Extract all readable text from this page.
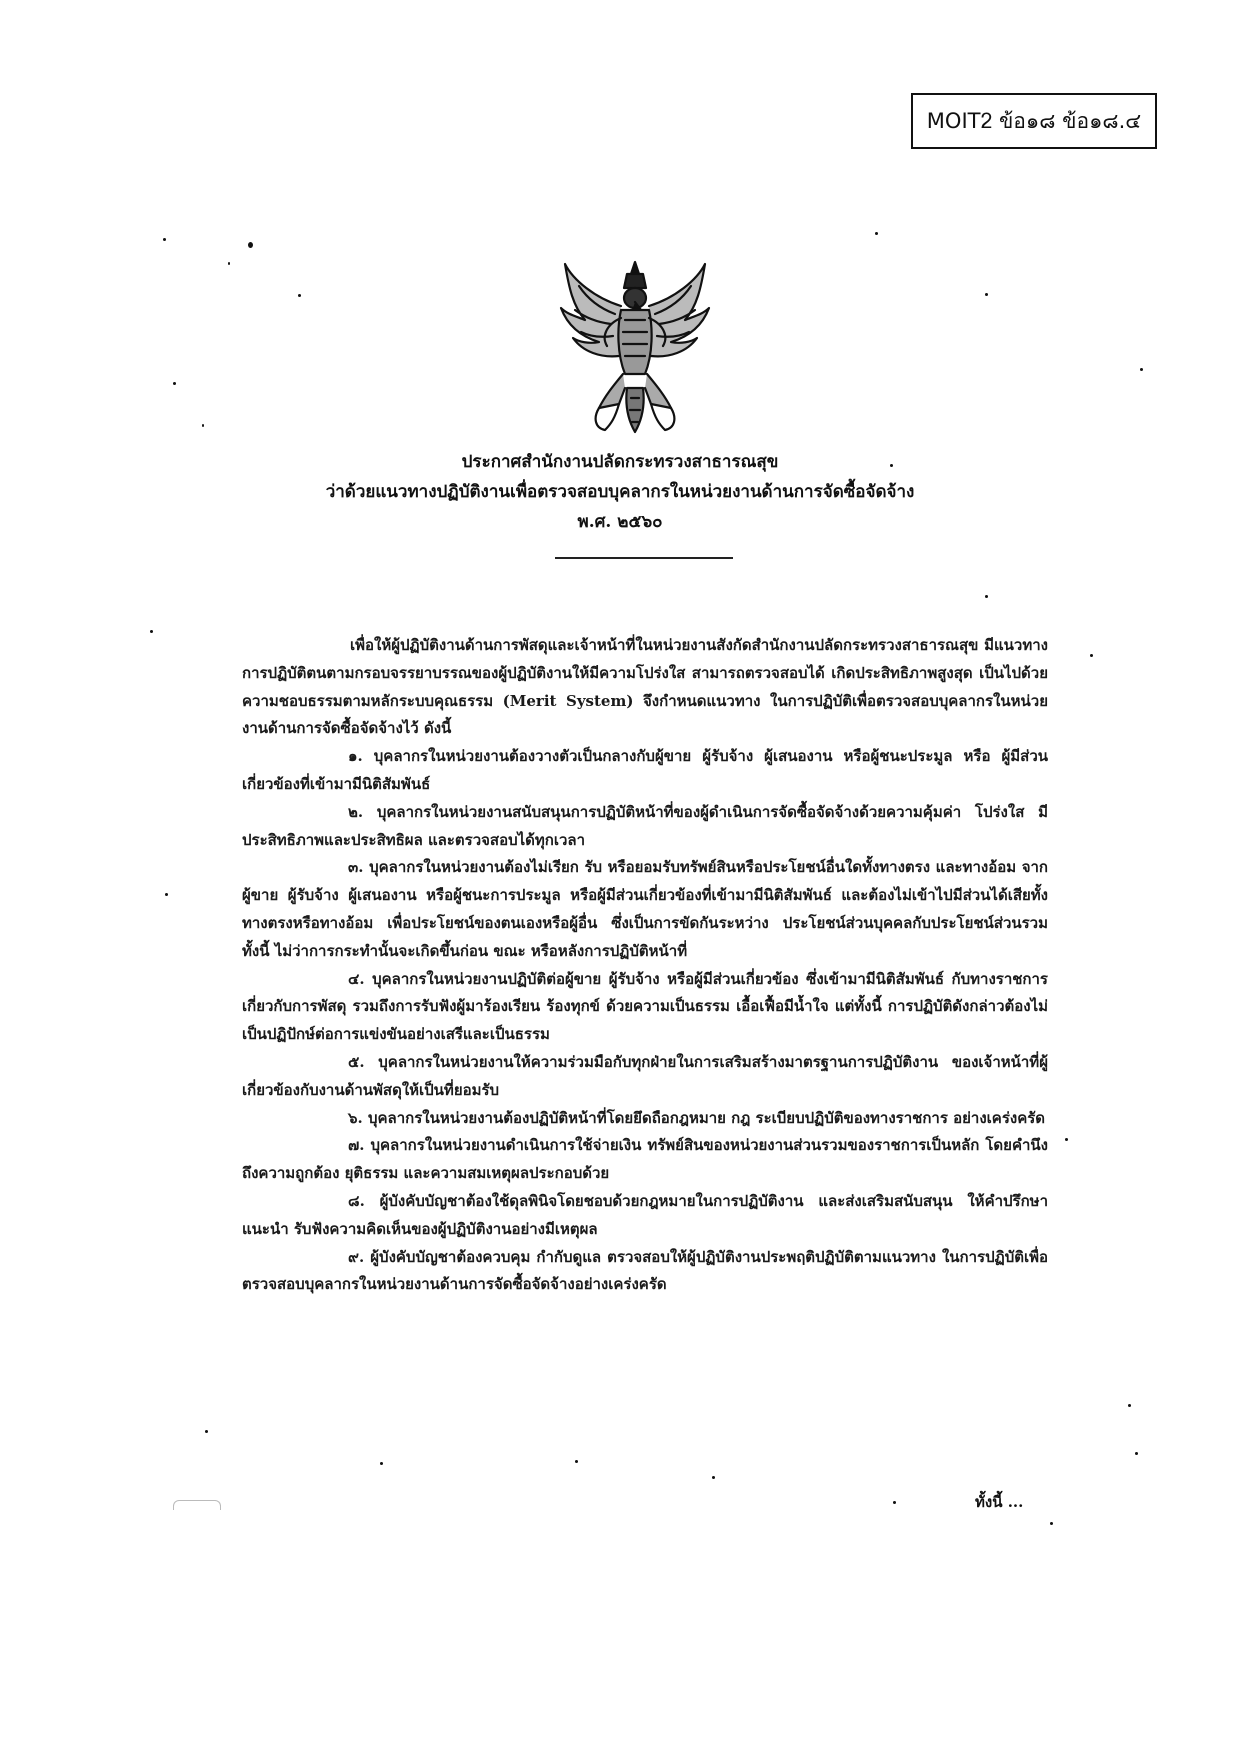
MOITᒿ ข้อ๑๘ ข้อ๑๘.๔
ประกาศสำนักงานปลัดกระทรวงสาธารณสุข
ว่าด้วยแนวทางปฏิบัติงานเพื่อตรวจสอบบุคลากรในหน่วยงานด้านการจัดซื้อจัดจ้าง
พ.ศ. ๒๕๖๐

เพื่อให้ผู้ปฏิบัติงานด้านการพัสดุและเจ้าหน้าที่ในหน่วยงานสังกัดสำนักงานปลัดกระทรวงสาธารณสุข มีแนวทางการปฏิบัติตนตามกรอบจรรยาบรรณของผู้ปฏิบัติงานให้มีความโปร่งใส สามารถตรวจสอบได้ เกิดประสิทธิภาพสูงสุด เป็นไปด้วยความชอบธรรมตามหลักระบบคุณธรรม (Merit System) จึงกำหนดแนวทาง ในการปฏิบัติเพื่อตรวจสอบบุคลากรในหน่วยงานด้านการจัดซื้อจัดจ้างไว้ ดังนี้

๑. บุคลากรในหน่วยงานต้องวางตัวเป็นกลางกับผู้ขาย ผู้รับจ้าง ผู้เสนองาน หรือผู้ชนะประมูล หรือ ผู้มีส่วนเกี่ยวข้องที่เข้ามามีนิติสัมพันธ์

๒. บุคลากรในหน่วยงานสนับสนุนการปฏิบัติหน้าที่ของผู้ดำเนินการจัดซื้อจัดจ้างด้วยความคุ้มค่า โปร่งใส มีประสิทธิภาพและประสิทธิผล และตรวจสอบได้ทุกเวลา

๓. บุคลากรในหน่วยงานต้องไม่เรียก รับ หรือยอมรับทรัพย์สินหรือประโยชน์อื่นใดทั้งทางตรง และทางอ้อม จากผู้ขาย ผู้รับจ้าง ผู้เสนองาน หรือผู้ชนะการประมูล หรือผู้มีส่วนเกี่ยวข้องที่เข้ามามีนิติสัมพันธ์ และต้องไม่เข้าไปมีส่วนได้เสียทั้งทางตรงหรือทางอ้อม เพื่อประโยชน์ของตนเองหรือผู้อื่น ซึ่งเป็นการขัดกันระหว่าง ประโยชน์ส่วนบุคคลกับประโยชน์ส่วนรวม ทั้งนี้ ไม่ว่าการกระทำนั้นจะเกิดขึ้นก่อน ขณะ หรือหลังการปฏิบัติหน้าที่

๔. บุคลากรในหน่วยงานปฏิบัติต่อผู้ขาย ผู้รับจ้าง หรือผู้มีส่วนเกี่ยวข้อง ซึ่งเข้ามามีนิติสัมพันธ์ กับทางราชการเกี่ยวกับการพัสดุ รวมถึงการรับฟังผู้มาร้องเรียน ร้องทุกข์ ด้วยความเป็นธรรม เอื้อเฟื้อมีน้ำใจ แต่ทั้งนี้ การปฏิบัติดังกล่าวต้องไม่เป็นปฏิปักษ์ต่อการแข่งขันอย่างเสรีและเป็นธรรม

๕. บุคลากรในหน่วยงานให้ความร่วมมือกับทุกฝ่ายในการเสริมสร้างมาตรฐานการปฏิบัติงาน ของเจ้าหน้าที่ผู้เกี่ยวข้องกับงานด้านพัสดุให้เป็นที่ยอมรับ

๖. บุคลากรในหน่วยงานต้องปฏิบัติหน้าที่โดยยึดถือกฎหมาย กฎ ระเบียบปฏิบัติของทางราชการ อย่างเคร่งครัด

๗. บุคลากรในหน่วยงานดำเนินการใช้จ่ายเงิน ทรัพย์สินของหน่วยงานส่วนรวมของราชการเป็นหลัก โดยคำนึงถึงความถูกต้อง ยุติธรรม และความสมเหตุผลประกอบด้วย

๘. ผู้บังคับบัญชาต้องใช้ดุลพินิจโดยชอบด้วยกฎหมายในการปฏิบัติงาน และส่งเสริมสนับสนุน ให้คำปรึกษา แนะนำ รับฟังความคิดเห็นของผู้ปฏิบัติงานอย่างมีเหตุผล

๙. ผู้บังคับบัญชาต้องควบคุม กำกับดูแล ตรวจสอบให้ผู้ปฏิบัติงานประพฤติปฏิบัติตามแนวทาง ในการปฏิบัติเพื่อตรวจสอบบุคลากรในหน่วยงานด้านการจัดซื้อจัดจ้างอย่างเคร่งครัด

ทั้งนี้ ...
